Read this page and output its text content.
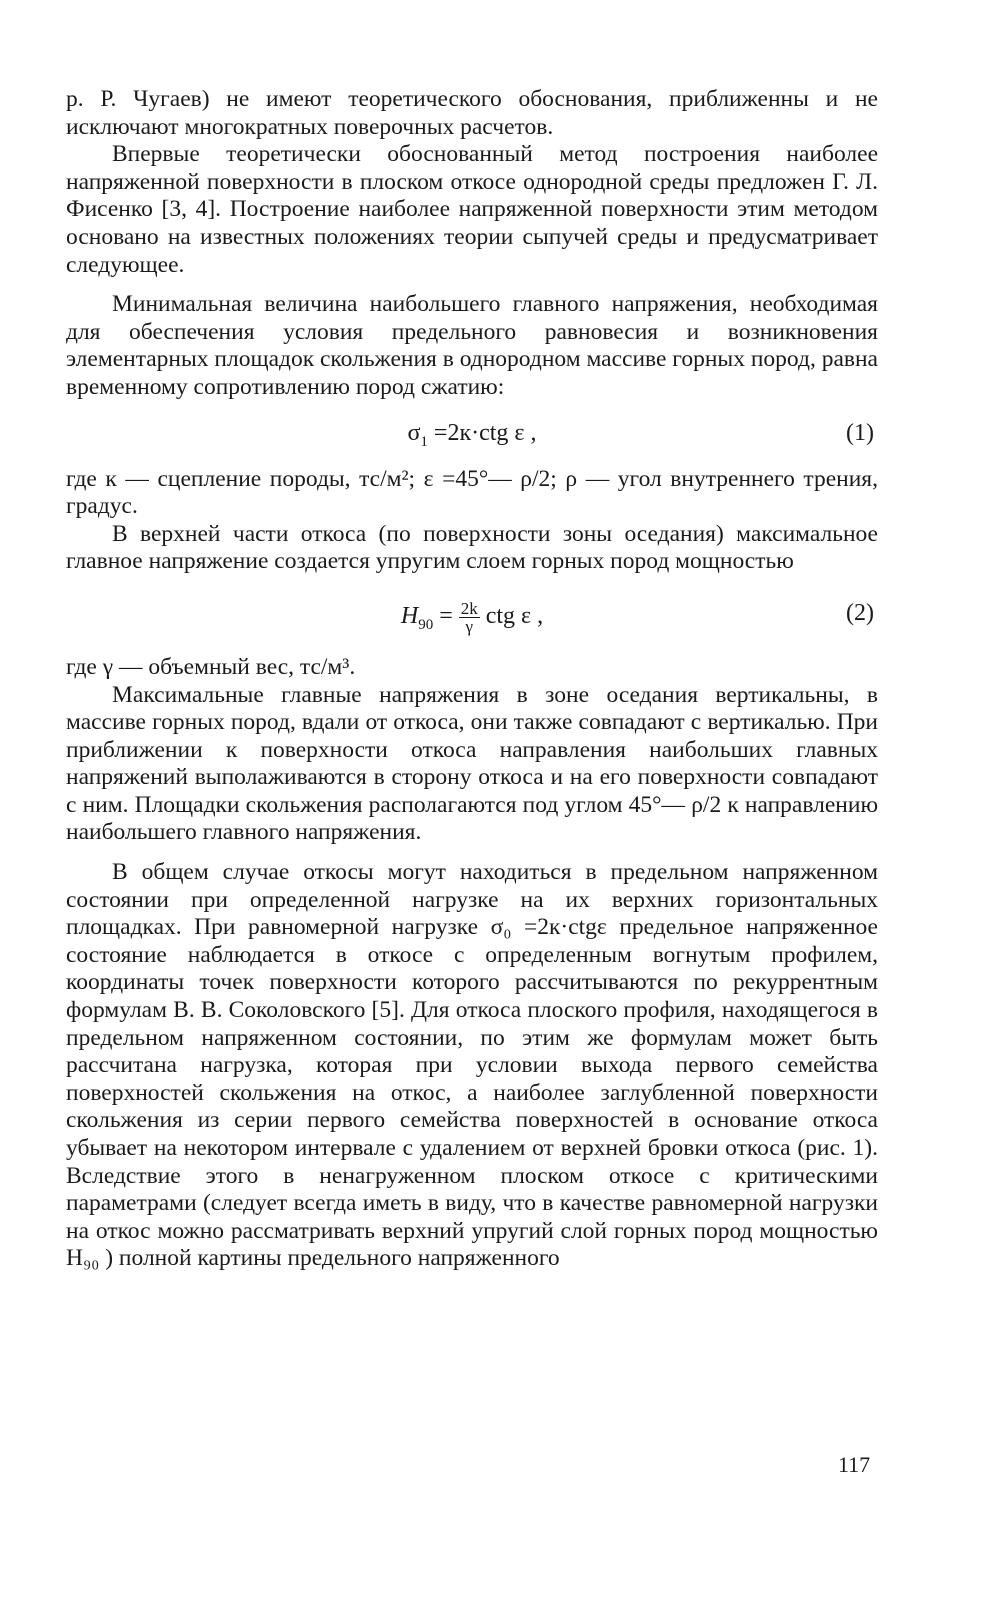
р. Р. Чугаев) не имеют теоретического обоснования, приближенны и не исключают многократных поверочных расчетов.

Впервые теоретически обоснованный метод построения наиболее напряженной поверхности в плоском откосе однородной среды предложен Г. Л. Фисенко [3, 4]. Построение наиболее напряженной поверхности этим методом основано на известных положениях теории сыпучей среды и предусматривает следующее.

Минимальная величина наибольшего главного напряжения, необходимая для обеспечения условия предельного равновесия и возникновения элементарных площадок скольжения в однородном массиве горных пород, равна временному сопротивлению пород сжатию:

$\sigma_1 =2к\cdot ctg$ ε ,	(1)

где к — сцепление породы, тс/м²; ε =45°— ρ/2; ρ — угол внутреннего трения, градус.

В верхней части откоса (по поверхности зоны оседания) максимальное главное напряжение создается упругим слоем горных пород мощностью

$H_{90} = \frac{2k}{\gamma}$ ctg ε ,	(2)

где γ — объемный вес, тс/м³.

Максимальные главные напряжения в зоне оседания вертикальны, в массиве горных пород, вдали от откоса, они также совпадают с вертикалью. При приближении к поверхности откоса направления наибольших главных напряжений выполаживаются в сторону откоса и на его поверхности совпадают с ним. Площадки скольжения располагаются под углом 45°— ρ/2 к направлению наибольшего главного напряжения.

В общем случае откосы могут находиться в предельном напряженном состоянии при определенной нагрузке на их верхних горизонтальных площадках. При равномерной нагрузке σ₀ =2к·ctgε предельное напряженное состояние наблюдается в откосе с определенным вогнутым профилем, координаты точек поверхности которого рассчитываются по рекуррентным формулам В. В. Соколовского [5]. Для откоса плоского профиля, находящегося в предельном напряженном состоянии, по этим же формулам может быть рассчитана нагрузка, которая при условии выхода первого семейства поверхностей скольжения на откос, а наиболее заглубленной поверхности скольжения из серии первого семейства поверхностей в основание откоса убывает на некотором интервале с удалением от верхней бровки откоса (рис. 1). Вследствие этого в ненагруженном плоском откосе с критическими параметрами (следует всегда иметь в виду, что в качестве равномерной нагрузки на откос можно рассматривать верхний упругий слой горных пород мощностью H₉₀ ) полной картины предельного напряженного

117
